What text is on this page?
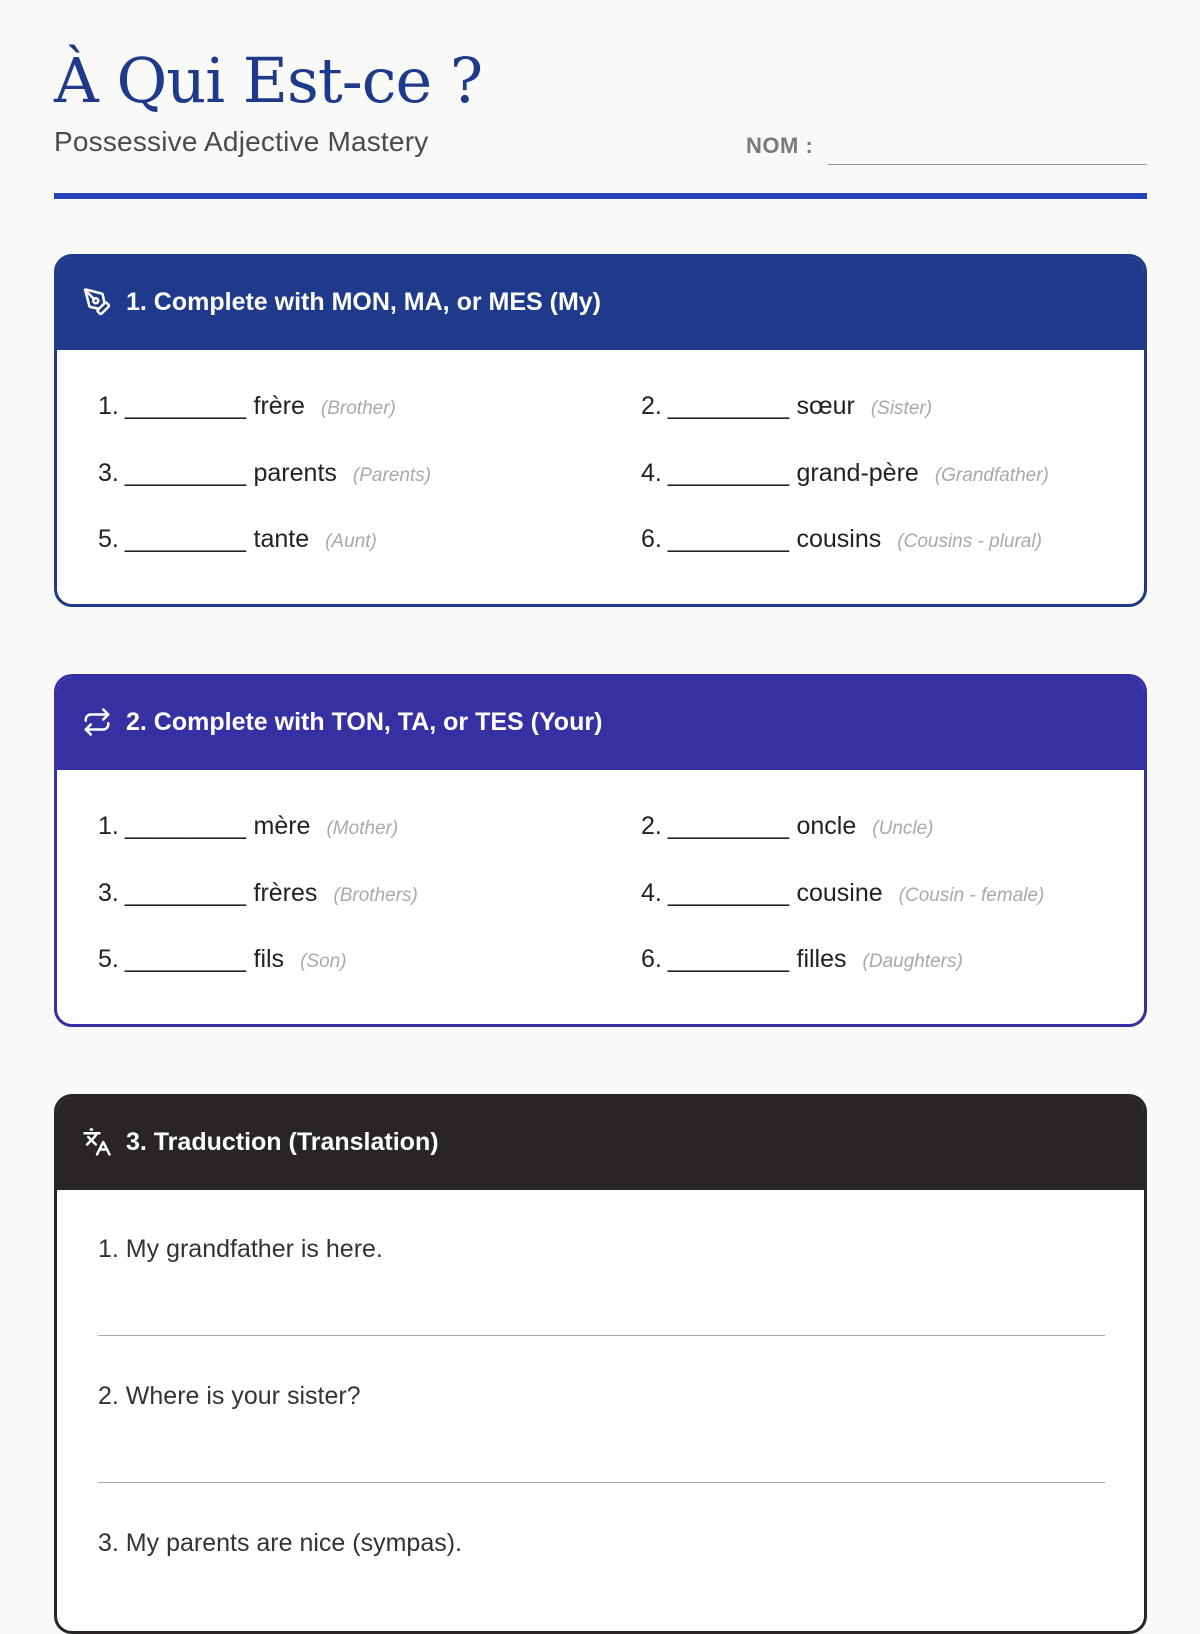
À Qui Est-ce ?
Possessive Adjective Mastery	NOM :
1. Complete with MON, MA, or MES (My)
1. _________ frère (Brother)	2. _________ sœur (Sister)
3. _________ parents (Parents)	4. _________ grand-père (Grandfather)
5. _________ tante (Aunt)	6. _________ cousins (Cousins - plural)
2. Complete with TON, TA, or TES (Your)
1. _________ mère (Mother)	2. _________ oncle (Uncle)
3. _________ frères (Brothers)	4. _________ cousine (Cousin - female)
5. _________ fils (Son)	6. _________ filles (Daughters)
3. Traduction (Translation)
1. My grandfather is here.
2. Where is your sister?
3. My parents are nice (sympas).
